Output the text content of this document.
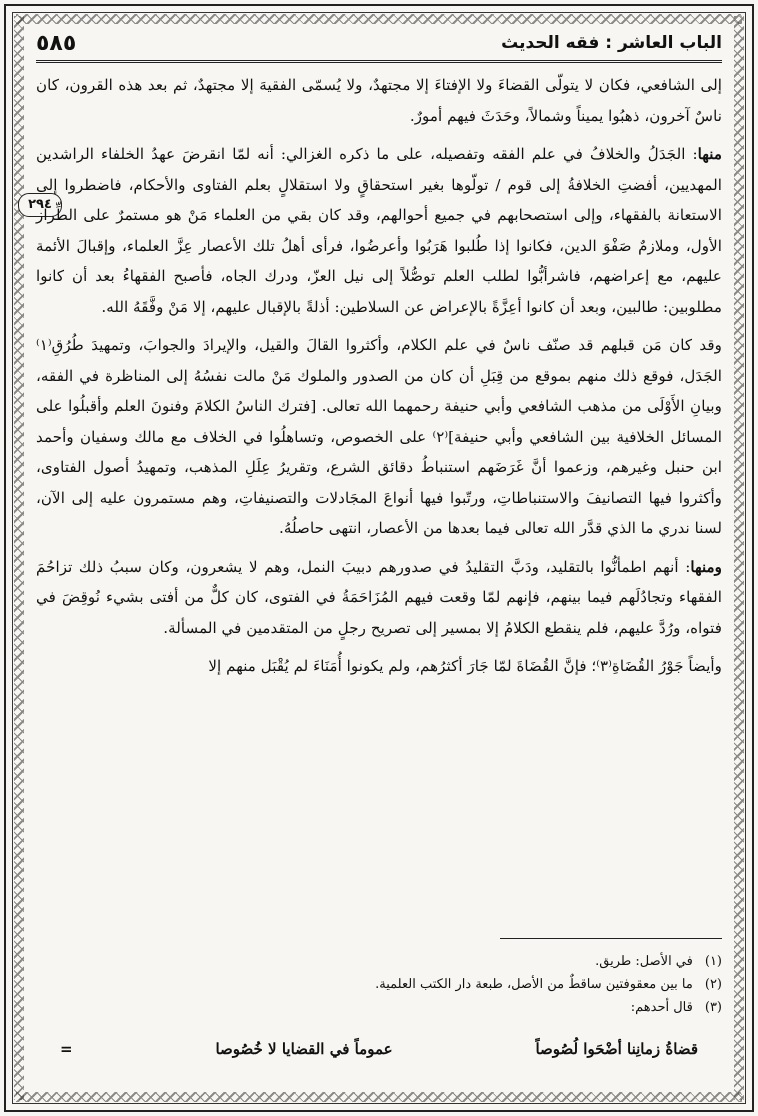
الباب العاشر : فقه الحديث
٥٨٥
٢٩٤

إلى الشافعي، فكان لا يتولّى القضاءَ ولا الإفتاءَ إلا مجتهدٌ، ولا يُسمّى الفقيهَ إلا مجتهدٌ، ثم بعد هذه القرون، كان ناسٌ آخرون، ذهبُوا يميناً وشمالاً، وحَدَثَ فيهم أمورٌ.

منها: الجَدَلُ والخلافُ في علم الفقه وتفصيله، على ما ذكره الغزالي: أنه لمّا انقرضَ عهدُ الخلفاء الراشدين المهديين، أفضتِ الخلافةُ إلى قوم / تولّوها بغير استحقاقٍ ولا استقلالٍ بعلم الفتاوى والأحكام، فاضطروا إلى الاستعانة بالفقهاء، وإلى استصحابهم في جميع أحوالهم، وقد كان بقي من العلماء مَنْ هو مستمرٌ على الطِّراز الأول، وملازمٌ صَفْوَ الدين، فكانوا إذا طُلبوا هَرَبُوا وأعرضُوا، فرأى أهلُ تلك الأعصار عِزَّ العلماء، وإقبالَ الأئمة عليهم، مع إعراضهم، فاشرأبُّوا لطلب العلم توصُّلاً إلى نيل العزّ، ودرك الجاه، فأصبح الفقهاءُ بعد أن كانوا مطلوبين: طالبين، وبعد أن كانوا أعِزَّةً بالإعراض عن السلاطين: أذلةً بالإقبال عليهم، إلا مَنْ وفَّقَهُ الله.

وقد كان مَن قبلهم قد صنّف ناسٌ في علم الكلام، وأكثروا القالَ والقيل، والإيرادَ والجوابَ، وتمهيدَ طُرُقِ⁽١⁾ الجَدَل، فوقع ذلك منهم بموقع من قِبَلِ أن كان من الصدور والملوك مَنْ مالت نفسُهُ إلى المناظرة في الفقه، وبيانِ الأَوْلَى من مذهب الشافعي وأبي حنيفة رحمهما الله تعالى. [فترك الناسُ الكلامَ وفنونَ العلم وأقبلُوا على المسائل الخلافية بين الشافعي وأبي حنيفة]⁽٢⁾ على الخصوص، وتساهلُوا في الخلاف مع مالك وسفيان وأحمد ابن حنبل وغيرهم، وزعموا أنَّ غَرَضَهم استنباطُ دقائق الشرع، وتقريرُ عِلَلِ المذهب، وتمهيدُ أصول الفتاوى، وأكثروا فيها التصانيفَ والاستنباطاتِ، ورتّبوا فيها أنواعَ المجَادلات والتصنيفاتِ، وهم مستمرون عليه إلى الآن، لسنا ندري ما الذي قدَّر الله تعالى فيما بعدها من الأعصار، انتهى حاصلُهُ.

ومنها: أنهم اطمأنُّوا بالتقليد، ودَبَّ التقليدُ في صدورهم دبيبَ النمل، وهم لا يشعرون، وكان سببُ ذلك تزاحُمَ الفقهاء وتجادُلَهم فيما بينهم، فإنهم لمّا وقعت فيهم المُزَاحَمَةُ في الفتوى، كان كلٌّ من أفتى بشيء نُوقِضَ في فتواه، ورُدَّ عليهم، فلم ينقطع الكلامُ إلا بمسير إلى تصريح رجلٍ من المتقدمين في المسألة.

وأيضاً جَوْرُ القُضَاةِ⁽٣⁾؛ فإنَّ القُضَاةَ لمّا جَارَ أكثرُهم، ولم يكونوا أُمَنَاءَ لم يُقْبَل منهم إلا

(١)
في الأصل: طريق.
(٢)
ما بين معقوفتين ساقطٌ من الأصل، طبعة دار الكتب العلمية.
(٣)
قال أحدهم:
قضاةُ زمانِنا أضْحَوا لُصُوصاً
عموماً في القضايا لا خُصُوصا
=
